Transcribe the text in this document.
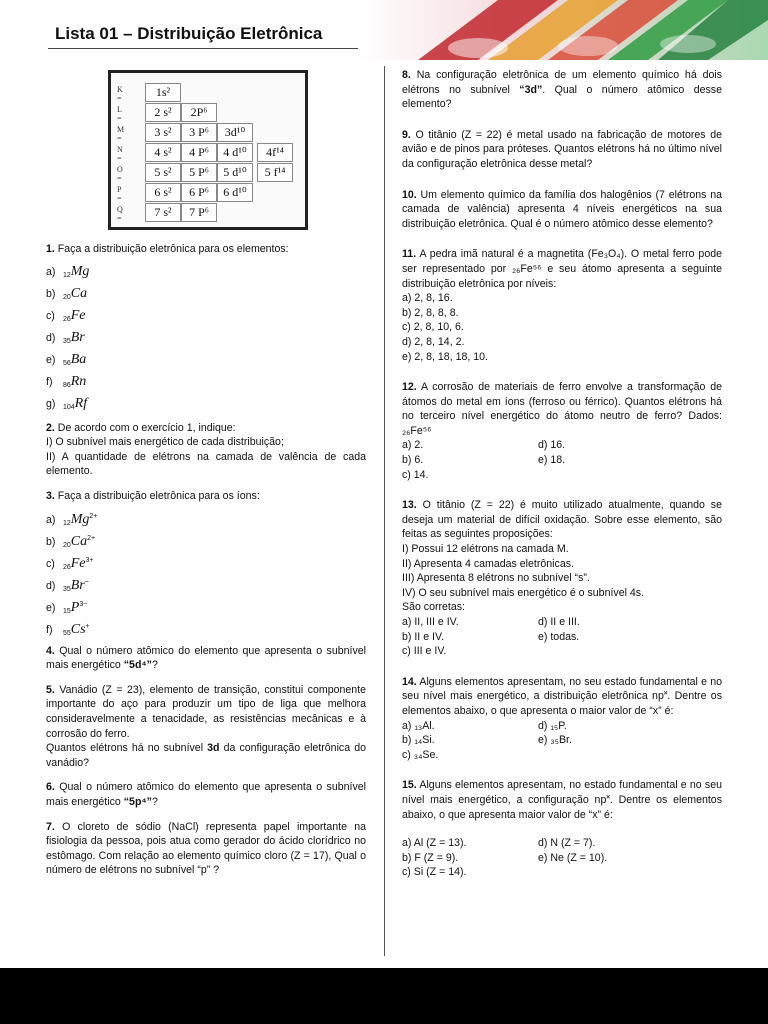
Lista 01 – Distribuição Eletrônica
K =	1s²
L =	2 s²	2P⁶
M =	3 s²	3 P⁶	3d¹⁰
N =	4 s²	4 P⁶	4 d¹⁰	4f¹⁴
O =	5 s²	5 P⁶	5 d¹⁰	5 f¹⁴
P =	6 s²	6 P⁶	6 d¹⁰
Q =	7 s²	7 P⁶
1. Faça a distribuição eletrônica para os elementos:
a) $_{12}$Mg
b) $_{20}$Ca
c) $_{26}$Fe
d) $_{35}$Br
e) $_{56}$Ba
f) $_{86}$Rn
g) $_{104}$Rf
2. De acordo com o exercício 1, indique:
I) O subnível mais energético de cada distribuição;
II) A quantidade de elétrons na camada de valência de cada elemento.
3. Faça a distribuição eletrônica para os íons:
a) $_{12}Mg^{2+}$
b) $_{20}Ca^{2+}$
c) $_{26}Fe^{3+}$
d) $_{35}$Br−
e) $_{15}P^{3-}$
f) $_{55}$Cs+
4. Qual o número atômico do elemento que apresenta o subnível mais energético “5d⁴”?
5. Vanádio (Z = 23), elemento de transição, constitui componente importante do aço para produzir um tipo de liga que melhora consideravelmente a tenacidade, as resistências mecânicas e à corrosão do ferro.
Quantos elétrons há no subnível 3d da configuração eletrônica do vanádio?
6. Qual o número atômico do elemento que apresenta o subnível mais energético “5p⁴”?
7. O cloreto de sódio (NaCl) representa papel importante na fisiologia da pessoa, pois atua como gerador do ácido clorídrico no estômago. Com relação ao elemento químico cloro (Z = 17), Qual o número de elétrons no subnível “p” ?
8. Na configuração eletrônica de um elemento químico há dois elétrons no subnível “3d”. Qual o número atômico desse elemento?
9. O titânio (Z = 22) é metal usado na fabricação de motores de avião e de pinos para próteses. Quantos elétrons há no último nível da configuração eletrônica desse metal?
10. Um elemento químico da família dos halogênios (7 elétrons na camada de valência) apresenta 4 níveis energéticos na sua distribuição eletrônica. Qual é o número atômico desse elemento?
11. A pedra imã natural é a magnetita (Fe₃O₄). O metal ferro pode ser representado por ₂₆Fe⁵⁶ e seu átomo apresenta a seguinte distribuição eletrônica por níveis:
a) 2, 8, 16.
b) 2, 8, 8, 8.
c) 2, 8, 10, 6.
d) 2, 8, 14, 2.
e) 2, 8, 18, 18, 10.
12. A corrosão de materiais de ferro envolve a transformação de átomos do metal em íons (ferroso ou férrico). Quantos elétrons há no terceiro nível energético do átomo neutro de ferro? Dados: ₂₆Fe⁵⁶
a) 2.	d) 16.
b) 6.	e) 18.
c) 14.
13. O titânio (Z = 22) é muito utilizado atualmente, quando se deseja um material de difícil oxidação. Sobre esse elemento, são feitas as seguintes proposições:
I) Possui 12 elétrons na camada M.
II) Apresenta 4 camadas eletrônicas.
III) Apresenta 8 elétrons no subnível “s”.
IV) O seu subnível mais energético é o subnível 4s.
São corretas:
a) II, III e IV.	d) II e III.
b) II e IV.	e) todas.
c) III e IV.
14. Alguns elementos apresentam, no seu estado fundamental e no seu nível mais energético, a distribuição eletrônica np˟. Dentre os elementos abaixo, o que apresenta o maior valor de “x” é:
a) ₁₃Al.	d) ₁₅P.
b) ₁₄Si.	e) ₃₅Br.
c) ₃₄Se.
15. Alguns elementos apresentam, no estado fundamental e no seu nível mais energético, a configuração np˟. Dentre os elementos abaixo, o que apresenta maior valor de “x” é:
a) Al (Z = 13).	d) N (Z = 7).
b) F (Z = 9).	e) Ne (Z = 10).
c) Si (Z = 14).
